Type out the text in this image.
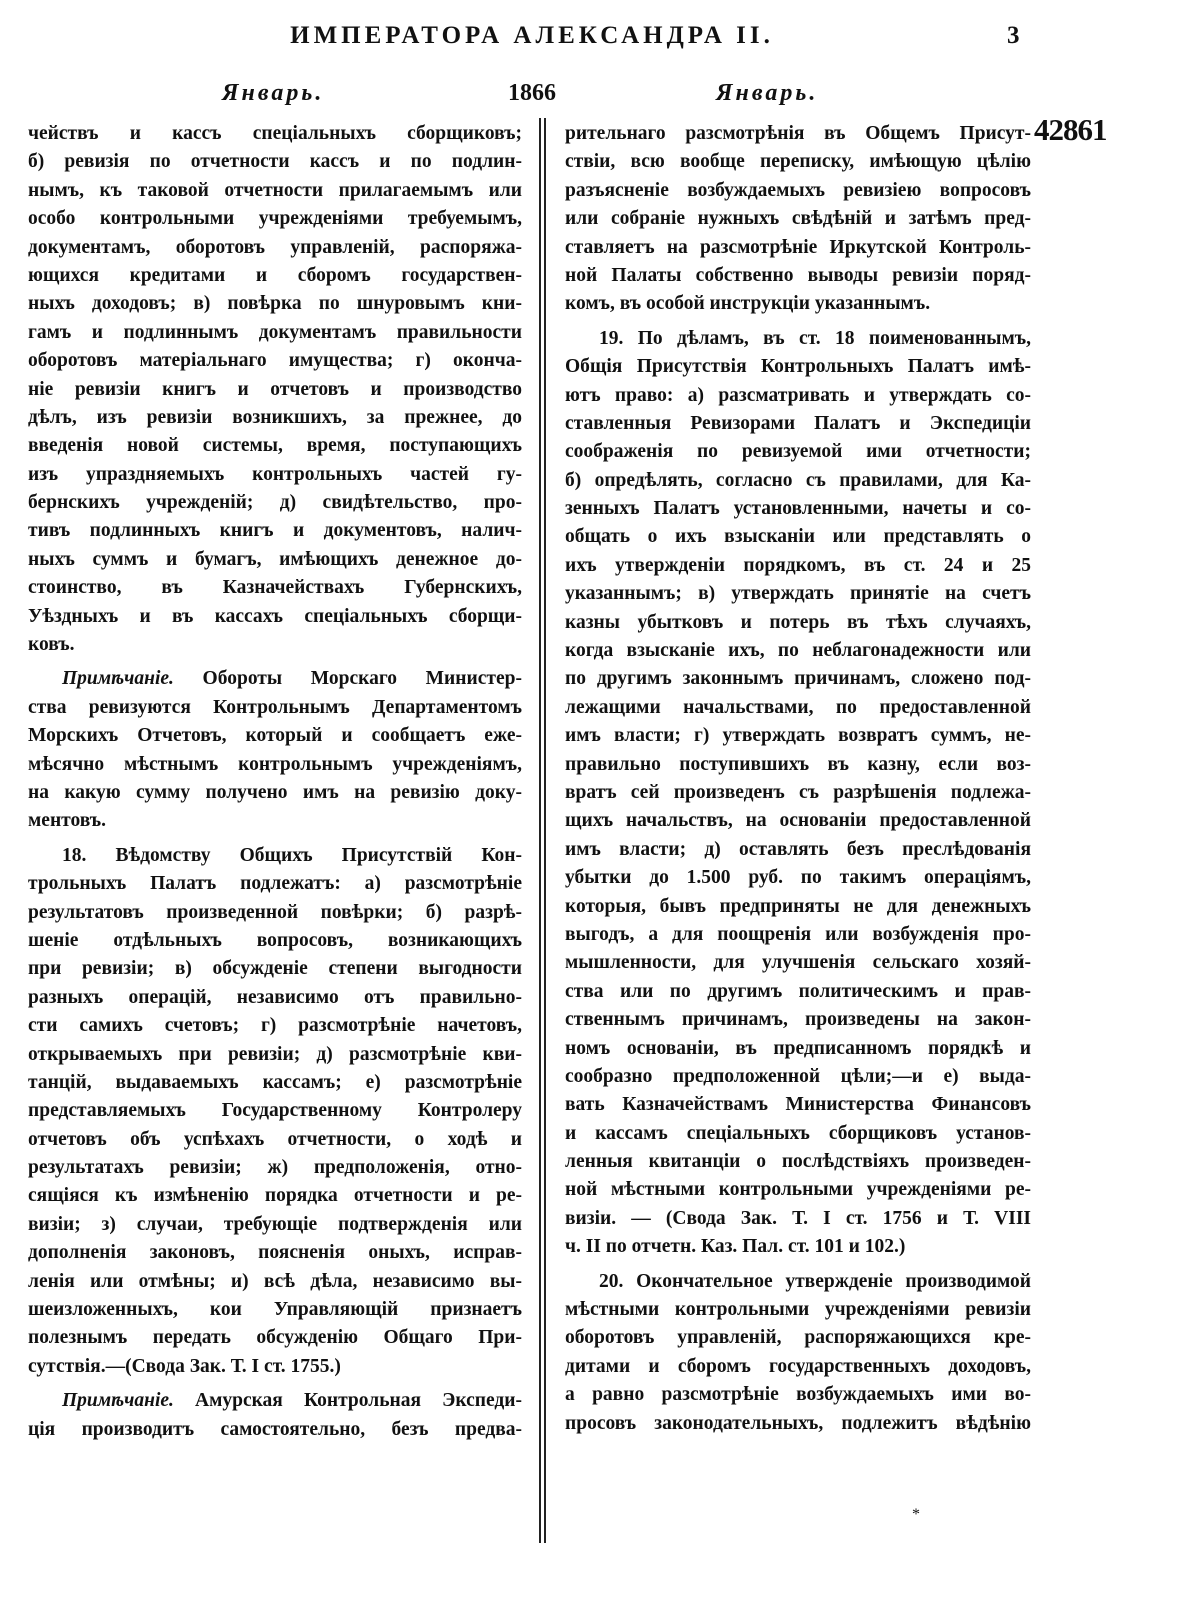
ИМПЕРАТОРА АЛЕКСАНДРА II.	3
Январь.	1866	Январь.
42861
чействъ и кассъ спеціальныхъ сборщиковъ;
б) ревизія по отчетности кассъ и по подлин-
нымъ, къ таковой отчетности прилагаемымъ или
особо контрольными учрежденіями требуемымъ,
документамъ, оборотовъ управленій, распоряжа-
ющихся кредитами и сборомъ государствен-
ныхъ доходовъ; в) повѣрка по шнуровымъ кни-
гамъ и подлиннымъ документамъ правильности
оборотовъ матеріальнаго имущества; г) оконча-
ніе ревизіи книгъ и отчетовъ и производство
дѣлъ, изъ ревизіи возникшихъ, за прежнее, до
введенія новой системы, время, поступающихъ
изъ упраздняемыхъ контрольныхъ частей гу-
бернскихъ учрежденій; д) свидѣтельство, про-
тивъ подлинныхъ книгъ и документовъ, налич-
ныхъ суммъ и бумагъ, имѣющихъ денежное до-
стоинство, въ Казначействахъ Губернскихъ,
Уѣздныхъ и въ кассахъ спеціальныхъ сборщи-
ковъ.
Примѣчаніе. Обороты Морскаго Министер-
ства ревизуются Контрольнымъ Департаментомъ
Морскихъ Отчетовъ, который и сообщаетъ еже-
мѣсячно мѣстнымъ контрольнымъ учрежденіямъ,
на какую сумму получено имъ на ревизію доку-
ментовъ.
18. Вѣдомству Общихъ Присутствій Кон-
трольныхъ Палатъ подлежатъ: а) разсмотрѣніе
результатовъ произведенной повѣрки; б) разрѣ-
шеніе отдѣльныхъ вопросовъ, возникающихъ
при ревизіи; в) обсужденіе степени выгодности
разныхъ операцій, независимо отъ правильно-
сти самихъ счетовъ; г) разсмотрѣніе начетовъ,
открываемыхъ при ревизіи; д) разсмотрѣніе кви-
танцій, выдаваемыхъ кассамъ; е) разсмотрѣніе
представляемыхъ Государственному Контролеру
отчетовъ объ успѣхахъ отчетности, о ходѣ и
результатахъ ревизіи; ж) предположенія, отно-
сящіяся къ измѣненію порядка отчетности и ре-
визіи; з) случаи, требующіе подтвержденія или
дополненія законовъ, поясненія оныхъ, исправ-
ленія или отмѣны; и) всѣ дѣла, независимо вы-
шеизложенныхъ, кои Управляющій признаетъ
полезнымъ передать обсужденію Общаго При-
сутствія.—(Свода Зак. Т. I ст. 1755.)
Примѣчаніе. Амурская Контрольная Экспеди-
ція производитъ самостоятельно, безъ предва-
рительнаго разсмотрѣнія въ Общемъ Присут-
ствіи, всю вообще переписку, имѣющую цѣлію
разъясненіе возбуждаемыхъ ревизіею вопросовъ
или собраніе нужныхъ свѣдѣній и затѣмъ пред-
ставляетъ на разсмотрѣніе Иркутской Контроль-
ной Палаты собственно выводы ревизіи поряд-
комъ, въ особой инструкціи указаннымъ.
19. По дѣламъ, въ ст. 18 поименованнымъ,
Общія Присутствія Контрольныхъ Палатъ имѣ-
ютъ право: а) разсматривать и утверждать со-
ставленныя Ревизорами Палатъ и Экспедиціи
соображенія по ревизуемой ими отчетности;
б) опредѣлять, согласно съ правилами, для Ка-
зенныхъ Палатъ установленными, начеты и со-
общать о ихъ взысканіи или представлять о
ихъ утвержденіи порядкомъ, въ ст. 24 и 25
указаннымъ; в) утверждать принятіе на счетъ
казны убытковъ и потерь въ тѣхъ случаяхъ,
когда взысканіе ихъ, по неблагонадежности или
по другимъ законнымъ причинамъ, сложено под-
лежащими начальствами, по предоставленной
имъ власти; г) утверждать возвратъ суммъ, не-
правильно поступившихъ въ казну, если воз-
вратъ сей произведенъ съ разрѣшенія подлежа-
щихъ начальствъ, на основаніи предоставленной
имъ власти; д) оставлять безъ преслѣдованія
убытки до 1.500 руб. по такимъ операціямъ,
которыя, бывъ предприняты не для денежныхъ
выгодъ, а для поощренія или возбужденія про-
мышленности, для улучшенія сельскаго хозяй-
ства или по другимъ политическимъ и прав-
ственнымъ причинамъ, произведены на закон-
номъ основаніи, въ предписанномъ порядкѣ и
сообразно предположенной цѣли;—и е) выда-
вать Казначействамъ Министерства Финансовъ
и кассамъ спеціальныхъ сборщиковъ установ-
ленныя квитанціи о послѣдствіяхъ произведен-
ной мѣстными контрольными учрежденіями ре-
визіи. — (Свода Зак. Т. I ст. 1756 и Т. VIII
ч. II по отчетн. Каз. Пал. ст. 101 и 102.)
20. Окончательное утвержденіе производимой
мѣстными контрольными учрежденіями ревизіи
оборотовъ управленій, распоряжающихся кре-
дитами и сборомъ государственныхъ доходовъ,
а равно разсмотрѣніе возбуждаемыхъ ими во-
просовъ законодательныхъ, подлежитъ вѣдѣнію
*
